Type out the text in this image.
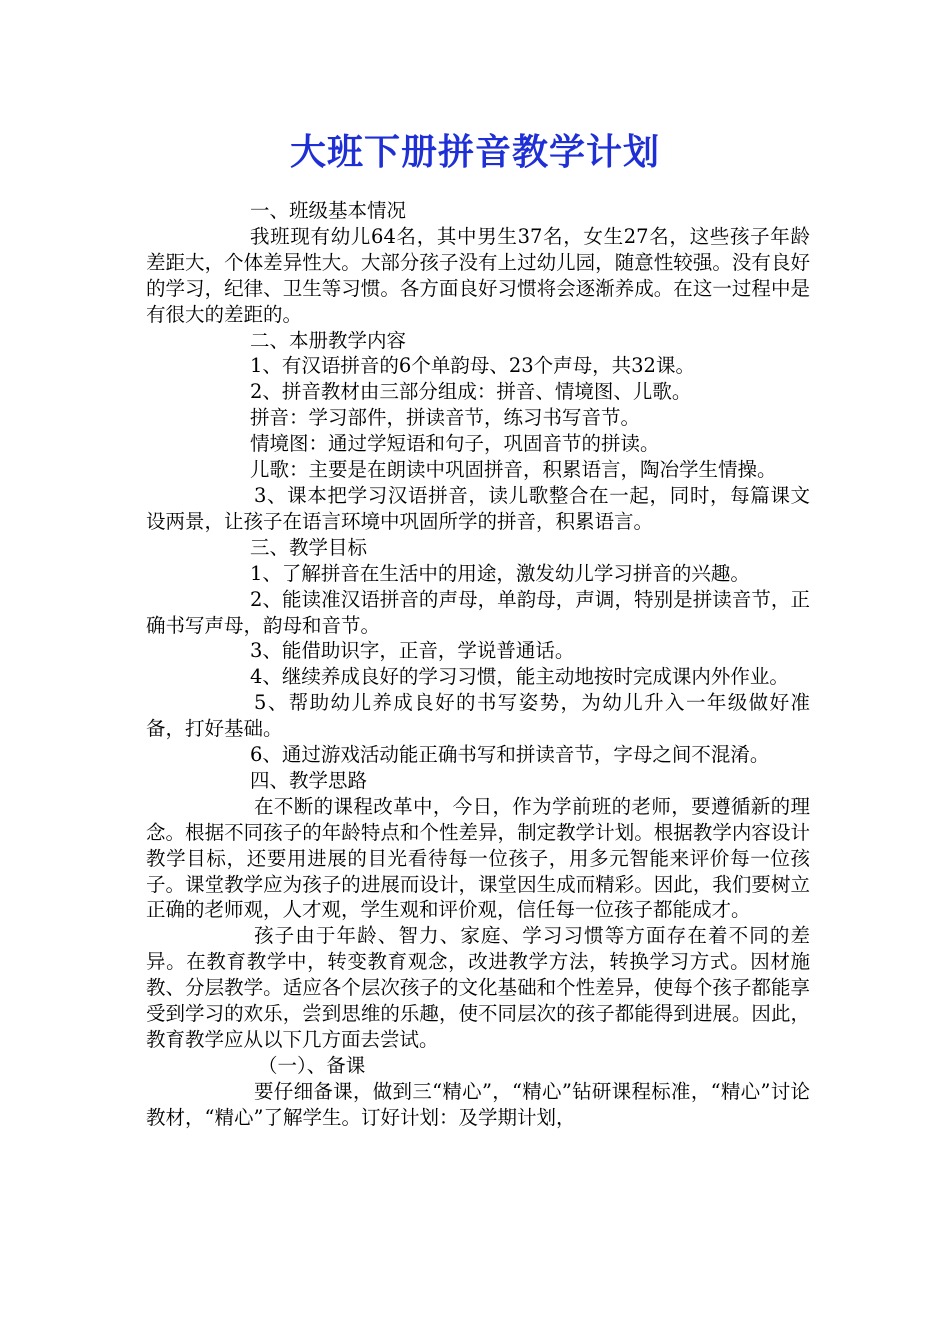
大班下册拼音教学计划

一、班级基本情况

我班现有幼儿64名，其中男生37名，女生27名，这些孩子年龄差距大，个体差异性大。大部分孩子没有上过幼儿园，随意性较强。没有良好的学习，纪律、卫生等习惯。各方面良好习惯将会逐渐养成。在这一过程中是有很大的差距的。

二、本册教学内容

1、有汉语拼音的6个单韵母、23个声母，共32课。

2、拼音教材由三部分组成：拼音、情境图、儿歌。

拼音：学习部件，拼读音节，练习书写音节。

情境图：通过学短语和句子，巩固音节的拼读。

儿歌：主要是在朗读中巩固拼音，积累语言，陶冶学生情操。

3、课本把学习汉语拼音，读儿歌整合在一起，同时，每篇课文设两景，让孩子在语言环境中巩固所学的拼音，积累语言。

三、教学目标

1、了解拼音在生活中的用途，激发幼儿学习拼音的兴趣。

2、能读准汉语拼音的声母，单韵母，声调，特别是拼读音节，正确书写声母，韵母和音节。

3、能借助识字，正音，学说普通话。

4、继续养成良好的学习习惯，能主动地按时完成课内外作业。

5、帮助幼儿养成良好的书写姿势，为幼儿升入一年级做好准备，打好基础。

6、通过游戏活动能正确书写和拼读音节，字母之间不混淆。

四、教学思路

在不断的课程改革中，今日，作为学前班的老师，要遵循新的理念。根据不同孩子的年龄特点和个性差异，制定教学计划。根据教学内容设计教学目标，还要用进展的目光看待每一位孩子，用多元智能来评价每一位孩子。课堂教学应为孩子的进展而设计，课堂因生成而精彩。因此，我们要树立正确的老师观，人才观，学生观和评价观，信任每一位孩子都能成才。

孩子由于年龄、智力、家庭、学习习惯等方面存在着不同的差异。在教育教学中，转变教育观念，改进教学方法，转换学习方式。因材施教、分层教学。适应各个层次孩子的文化基础和个性差异，使每个孩子都能享受到学习的欢乐，尝到思维的乐趣，使不同层次的孩子都能得到进展。因此，教育教学应从以下几方面去尝试。

（一）、备课

要仔细备课，做到三“精心”，“精心”钻研课程标准，“精心”讨论教材，“精心”了解学生。订好计划：及学期计划，
